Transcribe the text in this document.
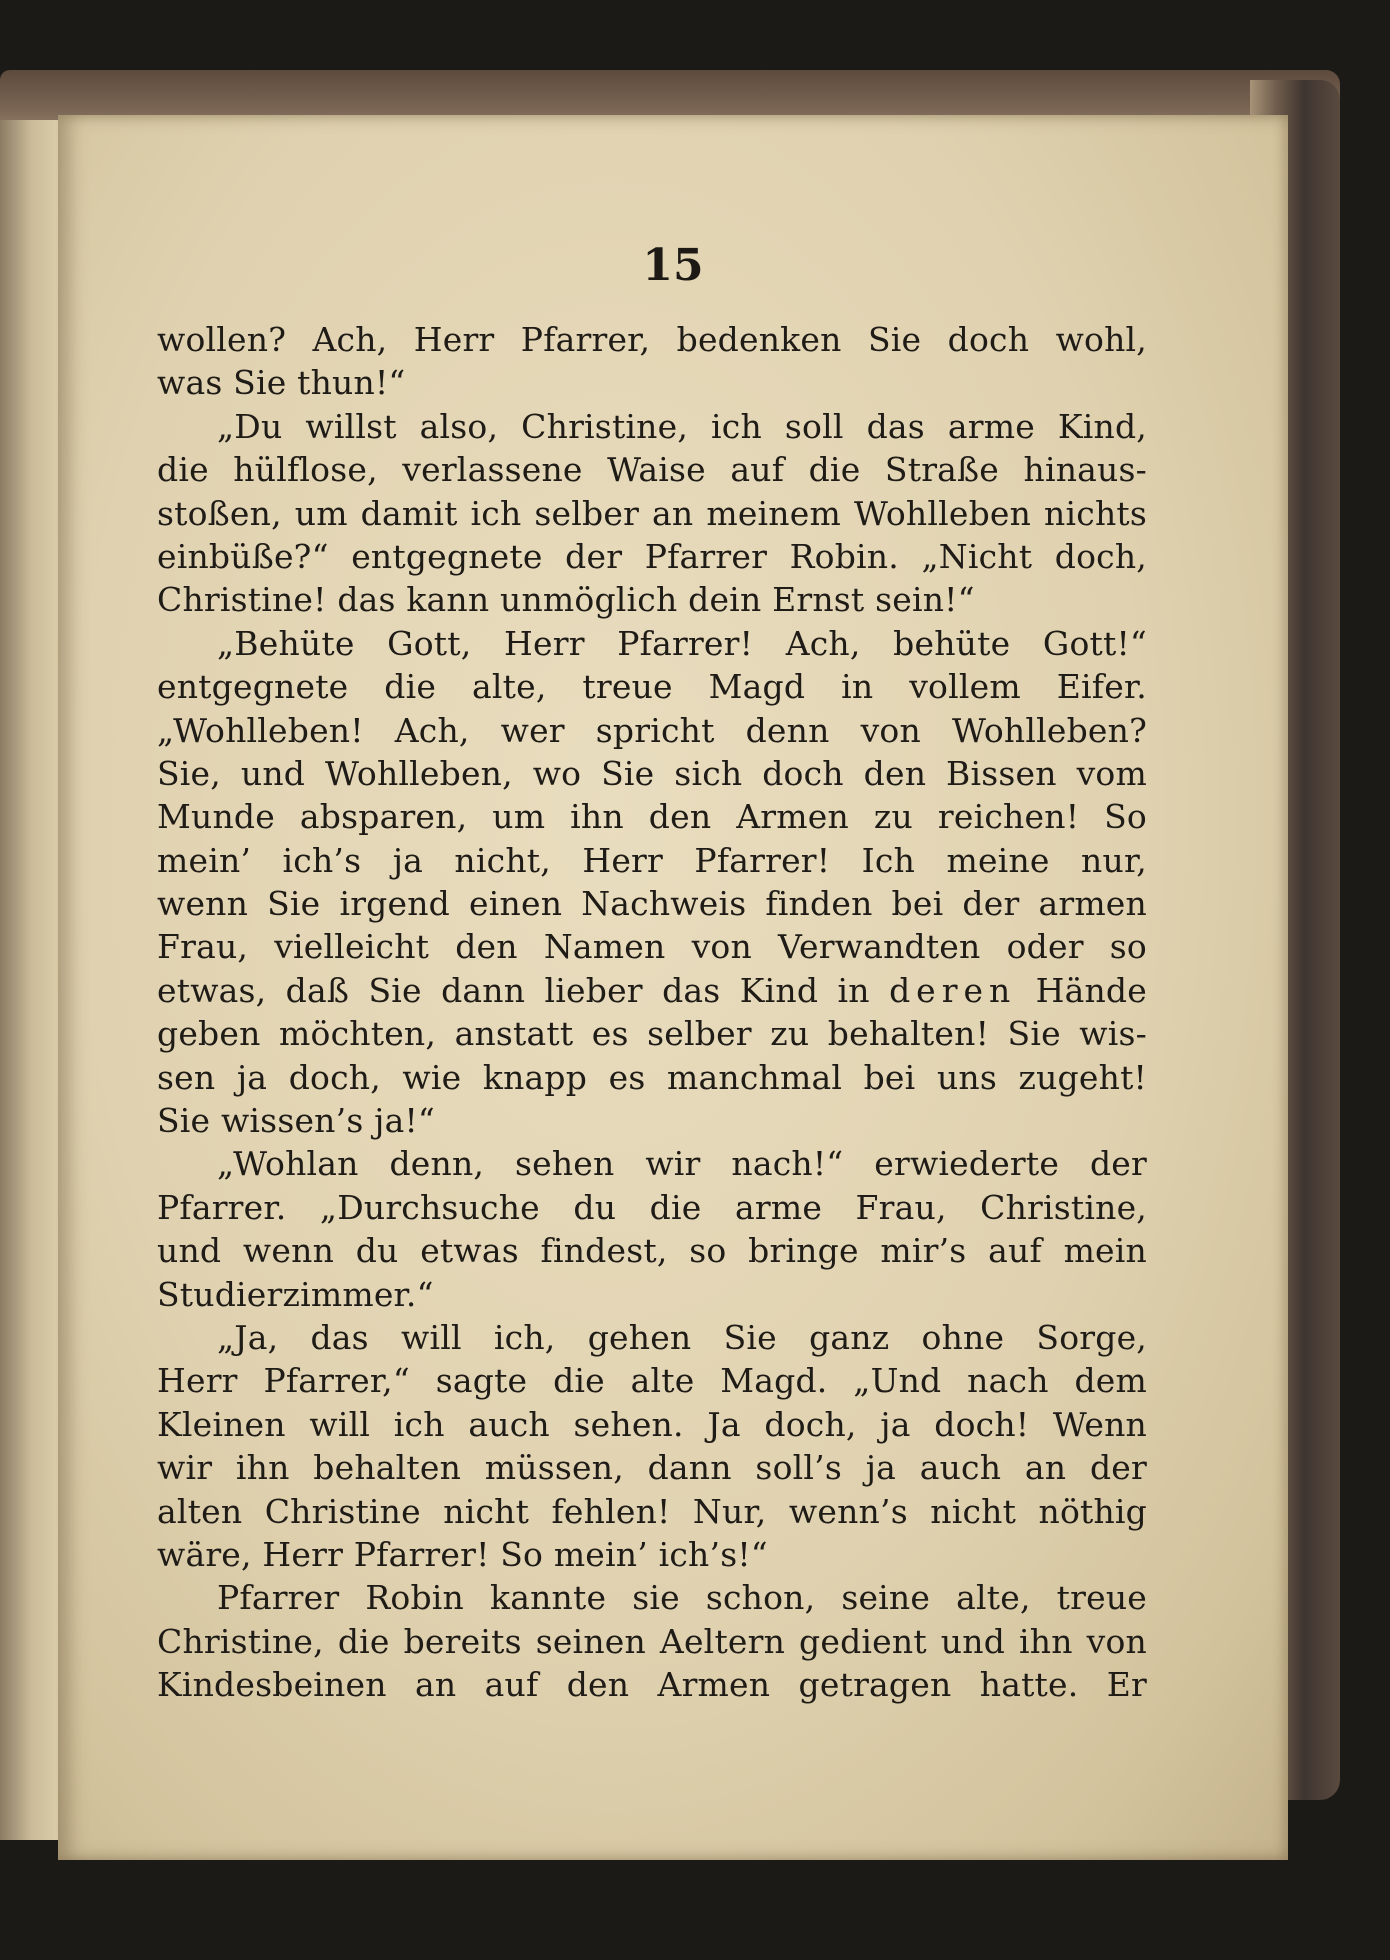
15
wollen? Ach, Herr Pfarrer, bedenken Sie doch wohl,
was Sie thun!“
„Du willst also, Christine, ich soll das arme Kind,
die hülflose, verlassene Waise auf die Straße hinaus-
stoßen, um damit ich selber an meinem Wohlleben nichts
einbüße?“ entgegnete der Pfarrer Robin. „Nicht doch,
Christine! das kann unmöglich dein Ernst sein!“
„Behüte Gott, Herr Pfarrer! Ach, behüte Gott!“
entgegnete die alte, treue Magd in vollem Eifer.
„Wohlleben! Ach, wer spricht denn von Wohlleben?
Sie, und Wohlleben, wo Sie sich doch den Bissen vom
Munde absparen, um ihn den Armen zu reichen! So
mein’ ich’s ja nicht, Herr Pfarrer! Ich meine nur,
wenn Sie irgend einen Nachweis finden bei der armen
Frau, vielleicht den Namen von Verwandten oder so
etwas, daß Sie dann lieber das Kind in deren Hände
geben möchten, anstatt es selber zu behalten! Sie wis-
sen ja doch, wie knapp es manchmal bei uns zugeht!
Sie wissen’s ja!“
„Wohlan denn, sehen wir nach!“ erwiederte der
Pfarrer. „Durchsuche du die arme Frau, Christine,
und wenn du etwas findest, so bringe mir’s auf mein
Studierzimmer.“
„Ja, das will ich, gehen Sie ganz ohne Sorge,
Herr Pfarrer,“ sagte die alte Magd. „Und nach dem
Kleinen will ich auch sehen. Ja doch, ja doch! Wenn
wir ihn behalten müssen, dann soll’s ja auch an der
alten Christine nicht fehlen! Nur, wenn’s nicht nöthig
wäre, Herr Pfarrer! So mein’ ich’s!“
Pfarrer Robin kannte sie schon, seine alte, treue
Christine, die bereits seinen Aeltern gedient und ihn von
Kindesbeinen an auf den Armen getragen hatte. Er
